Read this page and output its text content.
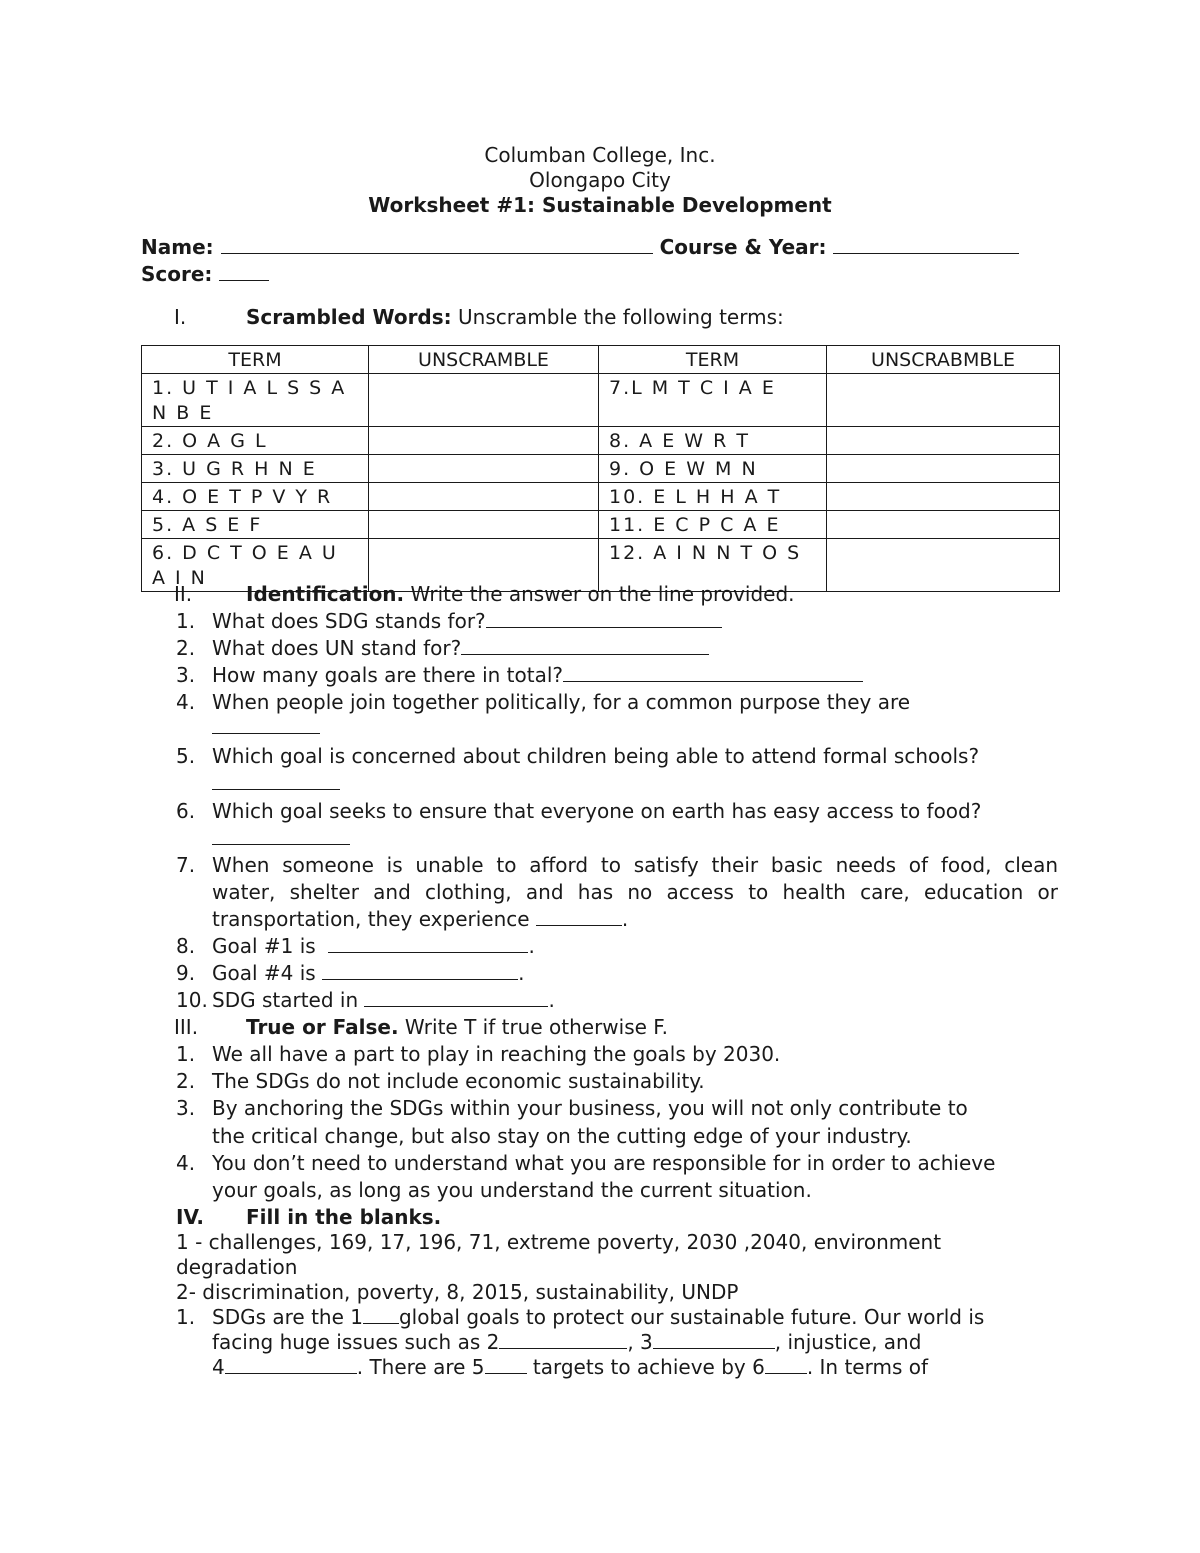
Columban College, Inc.
Olongapo City
Worksheet #1: Sustainable Development
Name:	Course & Year:
Score:
I.	Scrambled Words: Unscramble the following terms:
TERM	UNSCRAMBLE	TERM	UNSCRABMBLE
1. U T I A L S S A N B E		7.L M T C I A E	
2. O A G L		8. A E W R T	
3. U G R H N E		9. O E W M N	
4. O E T P V Y R		10. E L H H A T	
5. A S E F		11. E C P C A E	
6. D C T O E A U A I N		12. A I N N T O S	
II.	Identification. Write the answer on the line provided.
1. What does SDG stands for?
2. What does UN stand for?
3. How many goals are there in total?
4. When people join together politically, for a common purpose they are
5. Which goal is concerned about children being able to attend formal schools?
6. Which goal seeks to ensure that everyone on earth has easy access to food?
7. When someone is unable to afford to satisfy their basic needs of food, clean
water, shelter and clothing, and has no access to health care, education or
transportation, they experience	.
8. Goal #1 is	.
9. Goal #4 is	.
10. SDG started in	.
III. True or False. Write T if true otherwise F.
1. We all have a part to play in reaching the goals by 2030.
2. The SDGs do not include economic sustainability.
3. By anchoring the SDGs within your business, you will not only contribute to
the critical change, but also stay on the cutting edge of your industry.
4. You don’t need to understand what you are responsible for in order to achieve
your goals, as long as you understand the current situation.
IV. Fill in the blanks.
1 - challenges, 169, 17, 196, 71, extreme poverty, 2030 ,2040, environment
degradation
2- discrimination, poverty, 8, 2015, sustainability, UNDP
1. SDGs are the 1 global goals to protect our sustainable future. Our world is
facing huge issues such as 2	, 3	, injustice, and
4	. There are 5 targets to achieve by 6 . In terms of
